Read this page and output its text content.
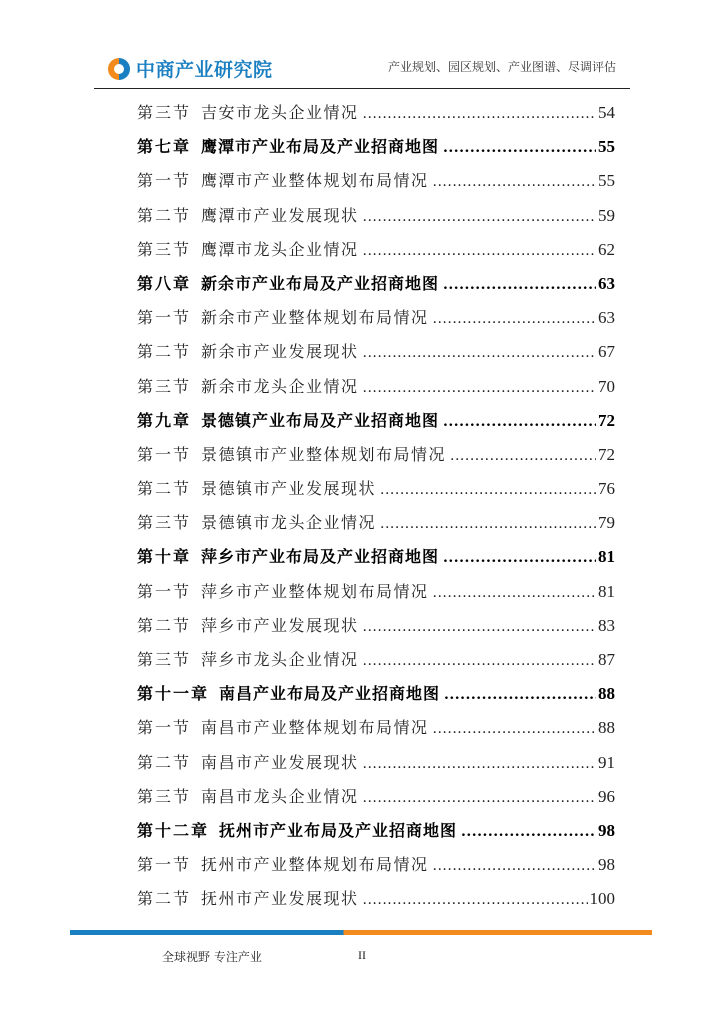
中商产业研究院	产业规划、园区规划、产业图谱、尽调评估
第三节 吉安市龙头企业情况 .....	54
第七章 鹰潭市产业布局及产业招商地图 .....	55
第一节 鹰潭市产业整体规划布局情况 .....	55
第二节 鹰潭市产业发展现状 .....	59
第三节 鹰潭市龙头企业情况 .....	62
第八章 新余市产业布局及产业招商地图 .....	63
第一节 新余市产业整体规划布局情况 .....	63
第二节 新余市产业发展现状 .....	67
第三节 新余市龙头企业情况 .....	70
第九章 景德镇产业布局及产业招商地图 .....	72
第一节 景德镇市产业整体规划布局情况 .....	72
第二节 景德镇市产业发展现状 .....	76
第三节 景德镇市龙头企业情况 .....	79
第十章 萍乡市产业布局及产业招商地图 .....	81
第一节 萍乡市产业整体规划布局情况 .....	81
第二节 萍乡市产业发展现状 .....	83
第三节 萍乡市龙头企业情况 .....	87
第十一章 南昌产业布局及产业招商地图 .....	88
第一节 南昌市产业整体规划布局情况 .....	88
第二节 南昌市产业发展现状 .....	91
第三节 南昌市龙头企业情况 .....	96
第十二章 抚州市产业布局及产业招商地图 .....	98
第一节 抚州市产业整体规划布局情况 .....	98
第二节 抚州市产业发展现状 .....	100
全球视野 专注产业	II
